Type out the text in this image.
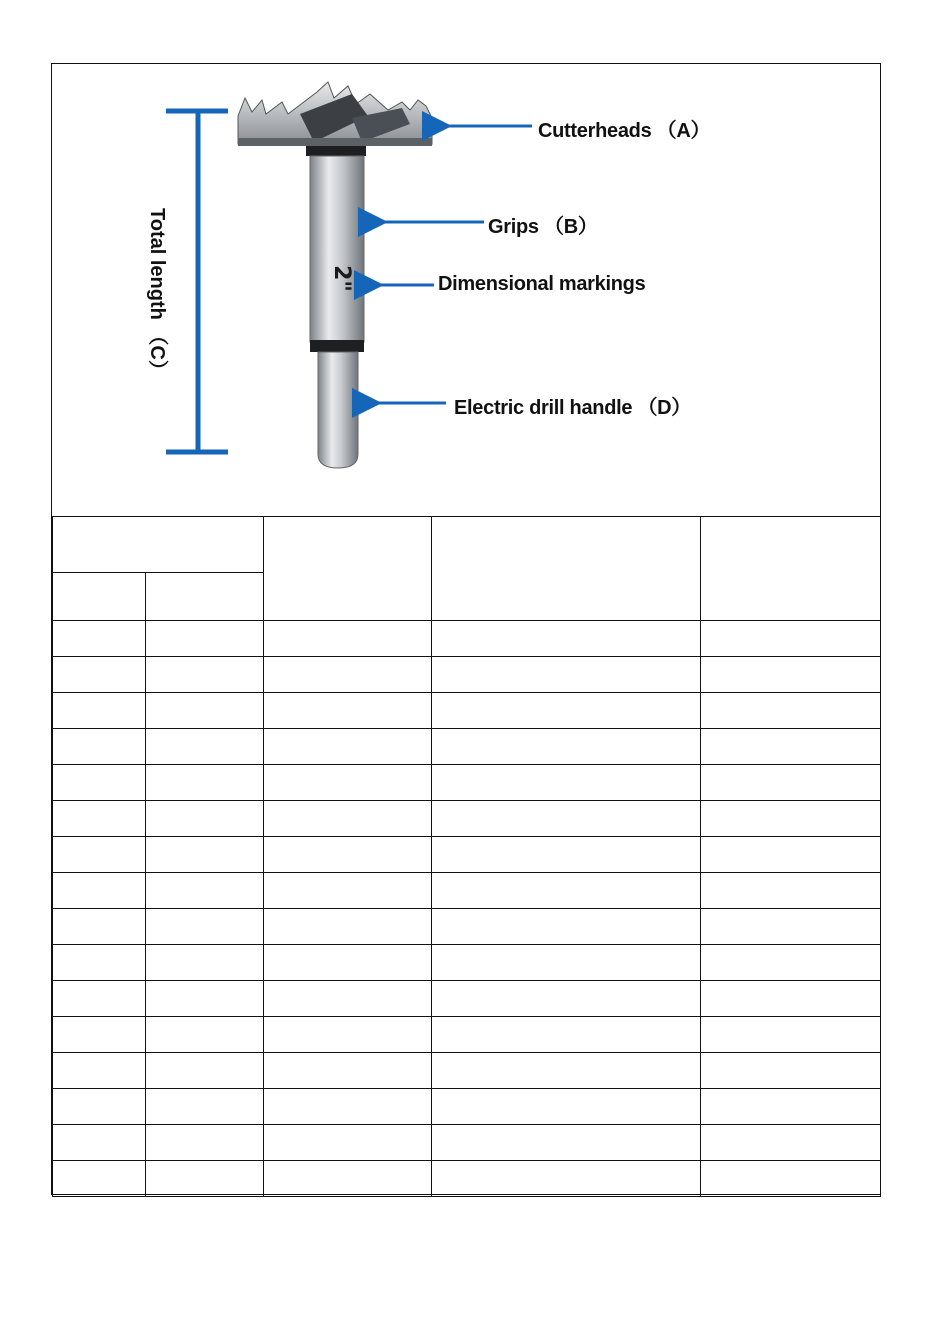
2"
Cutterheads （A）
Grips （B）
Dimensional markings
Electric drill handle （D）
Total length （C）
